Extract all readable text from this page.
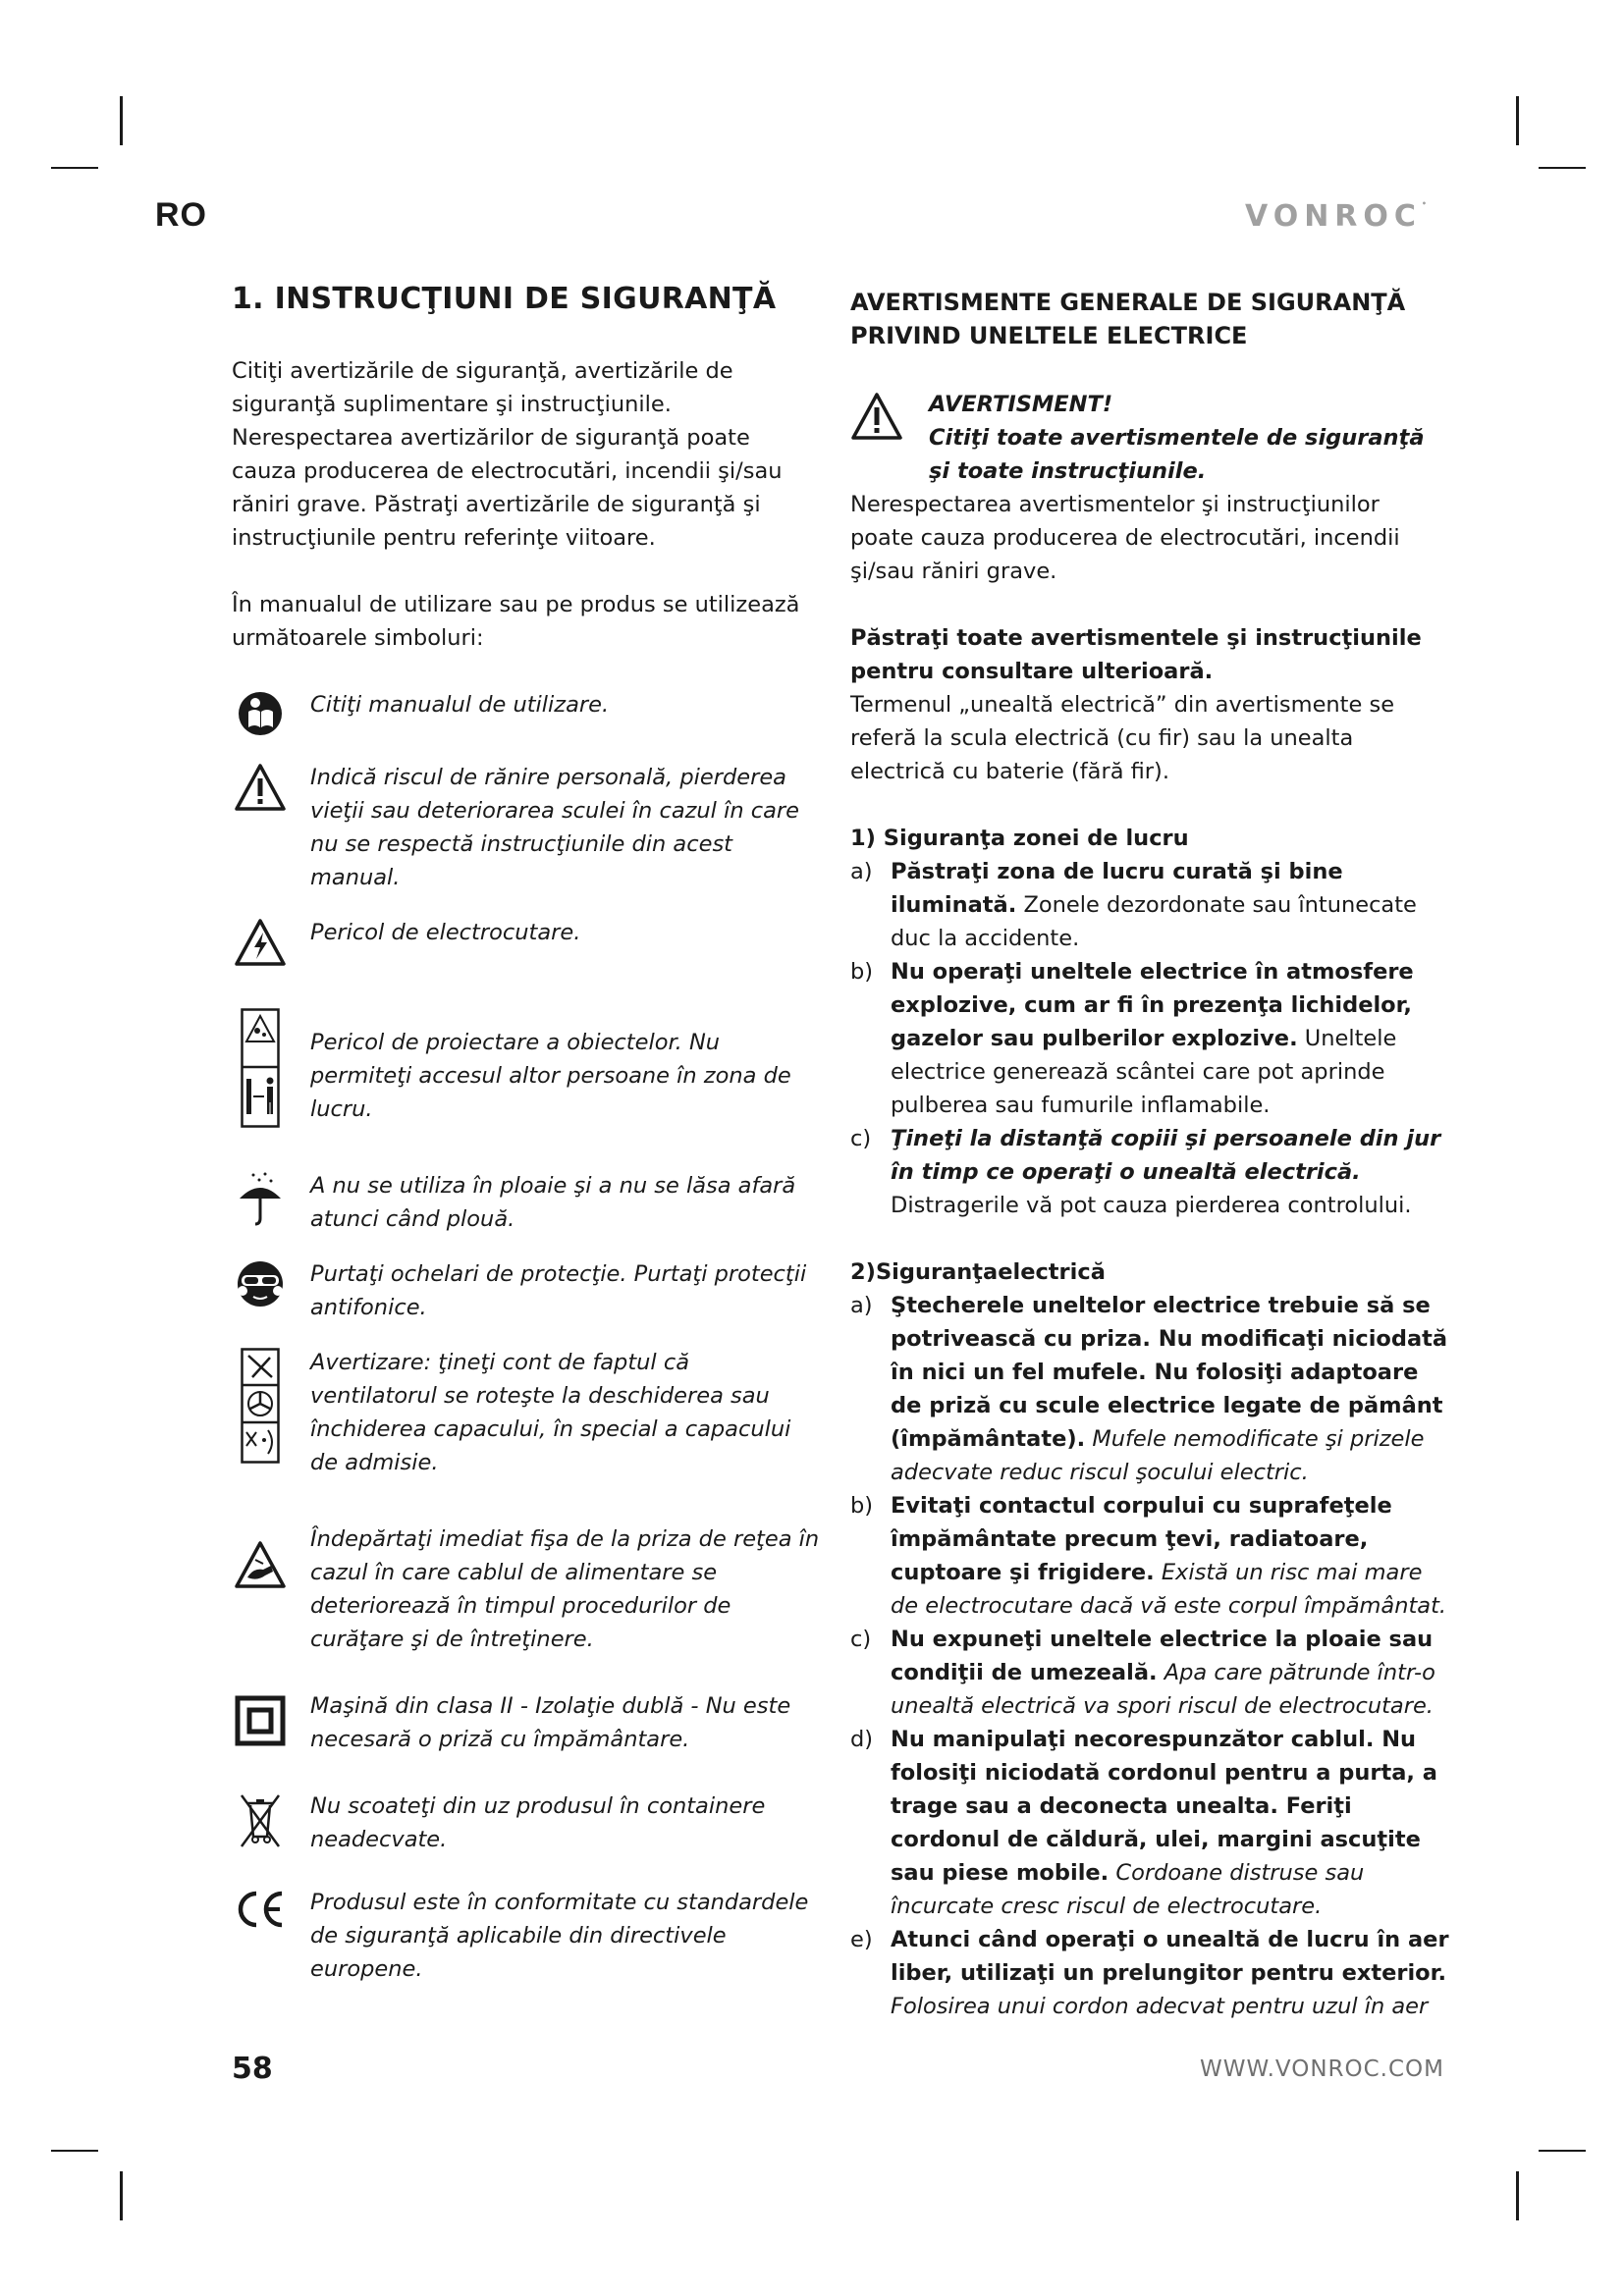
RO	VONROC•
1. INSTRUCŢIUNI DE SIGURANŢĂ

Citiţi avertizările de siguranţă, avertizările de siguranţă suplimentare şi instrucţiunile. Nerespectarea avertizărilor de siguranţă poate cauza producerea de electrocutări, incendii şi/sau răniri grave. Păstraţi avertizările de siguranţă şi instrucţiunile pentru referinţe viitoare.

În manualul de utilizare sau pe produs se utilizează următoarele simboluri:

Citiţi manualul de utilizare.
Indică riscul de rănire personală, pierderea vieţii sau deteriorarea sculei în cazul în care nu se respectă instrucţiunile din acest manual.
Pericol de electrocutare.
Pericol de proiectare a obiectelor. Nu permiteţi accesul altor persoane în zona de lucru.
A nu se utiliza în ploaie şi a nu se lăsa afară atunci când plouă.
Purtaţi ochelari de protecţie. Purtaţi protecţii antifonice.
Avertizare: ţineţi cont de faptul că ventilatorul se roteşte la deschiderea sau închiderea capacului, în special a capacului de admisie.
Îndepărtaţi imediat fişa de la priza de reţea în cazul în care cablul de alimentare se deteriorează în timpul procedurilor de curăţare şi de întreţinere.
Maşină din clasa II - Izolaţie dublă - Nu este necesară o priză cu împământare.
Nu scoateţi din uz produsul în containere neadecvate.
Produsul este în conformitate cu standardele de siguranţă aplicabile din directivele europene.
AVERTISMENTE GENERALE DE SIGURANŢĂ PRIVIND UNELTELE ELECTRICE
AVERTISMENT!
Citiţi toate avertismentele de siguranţă şi toate instrucţiunile.

Nerespectarea avertismentelor şi instrucţiunilor poate cauza producerea de electrocutări, incendii şi/sau răniri grave.

Păstraţi toate avertismentele şi instrucţiunile pentru consultare ulterioară.

Termenul „unealtă electrică” din avertismente se referă la scula electrică (cu fir) sau la unealta electrică cu baterie (fără fir).

1) Siguranţa zonei de lucru
a) Păstraţi zona de lucru curată şi bine iluminată. Zonele dezordonate sau întunecate duc la accidente.
b) Nu operaţi uneltele electrice în atmosfere explozive, cum ar fi în prezenţa lichidelor, gazelor sau pulberilor explozive. Uneltele electrice generează scântei care pot aprinde pulberea sau fumurile inflamabile.
c) Ţineţi la distanţă copiii şi persoanele din jur în timp ce operaţi o unealtă electrică. Distragerile vă pot cauza pierderea controlului.
2)Siguranţaelectrică
a) Ştecherele uneltelor electrice trebuie să se potrivească cu priza. Nu modificaţi niciodată în nici un fel mufele. Nu folosiţi adaptoare de priză cu scule electrice legate de pământ (împământate). Mufele nemodificate şi prizele adecvate reduc riscul şocului electric.
b) Evitaţi contactul corpului cu suprafeţele împământate precum ţevi, radiatoare, cuptoare şi frigidere. Există un risc mai mare de electrocutare dacă vă este corpul împământat.
c) Nu expuneţi uneltele electrice la ploaie sau condiţii de umezeală. Apa care pătrunde într-o unealtă electrică va spori riscul de electrocutare.
d) Nu manipulaţi necorespunzător cablul. Nu folosiţi niciodată cordonul pentru a purta, a trage sau a deconecta unealta. Feriţi cordonul de căldură, ulei, margini ascuţite sau piese mobile. Cordoane distruse sau încurcate cresc riscul de electrocutare.
e) Atunci când operaţi o unealtă de lucru în aer liber, utilizaţi un prelungitor pentru exterior. Folosirea unui cordon adecvat pentru uzul în aer
58	WWW.VONROC.COM
